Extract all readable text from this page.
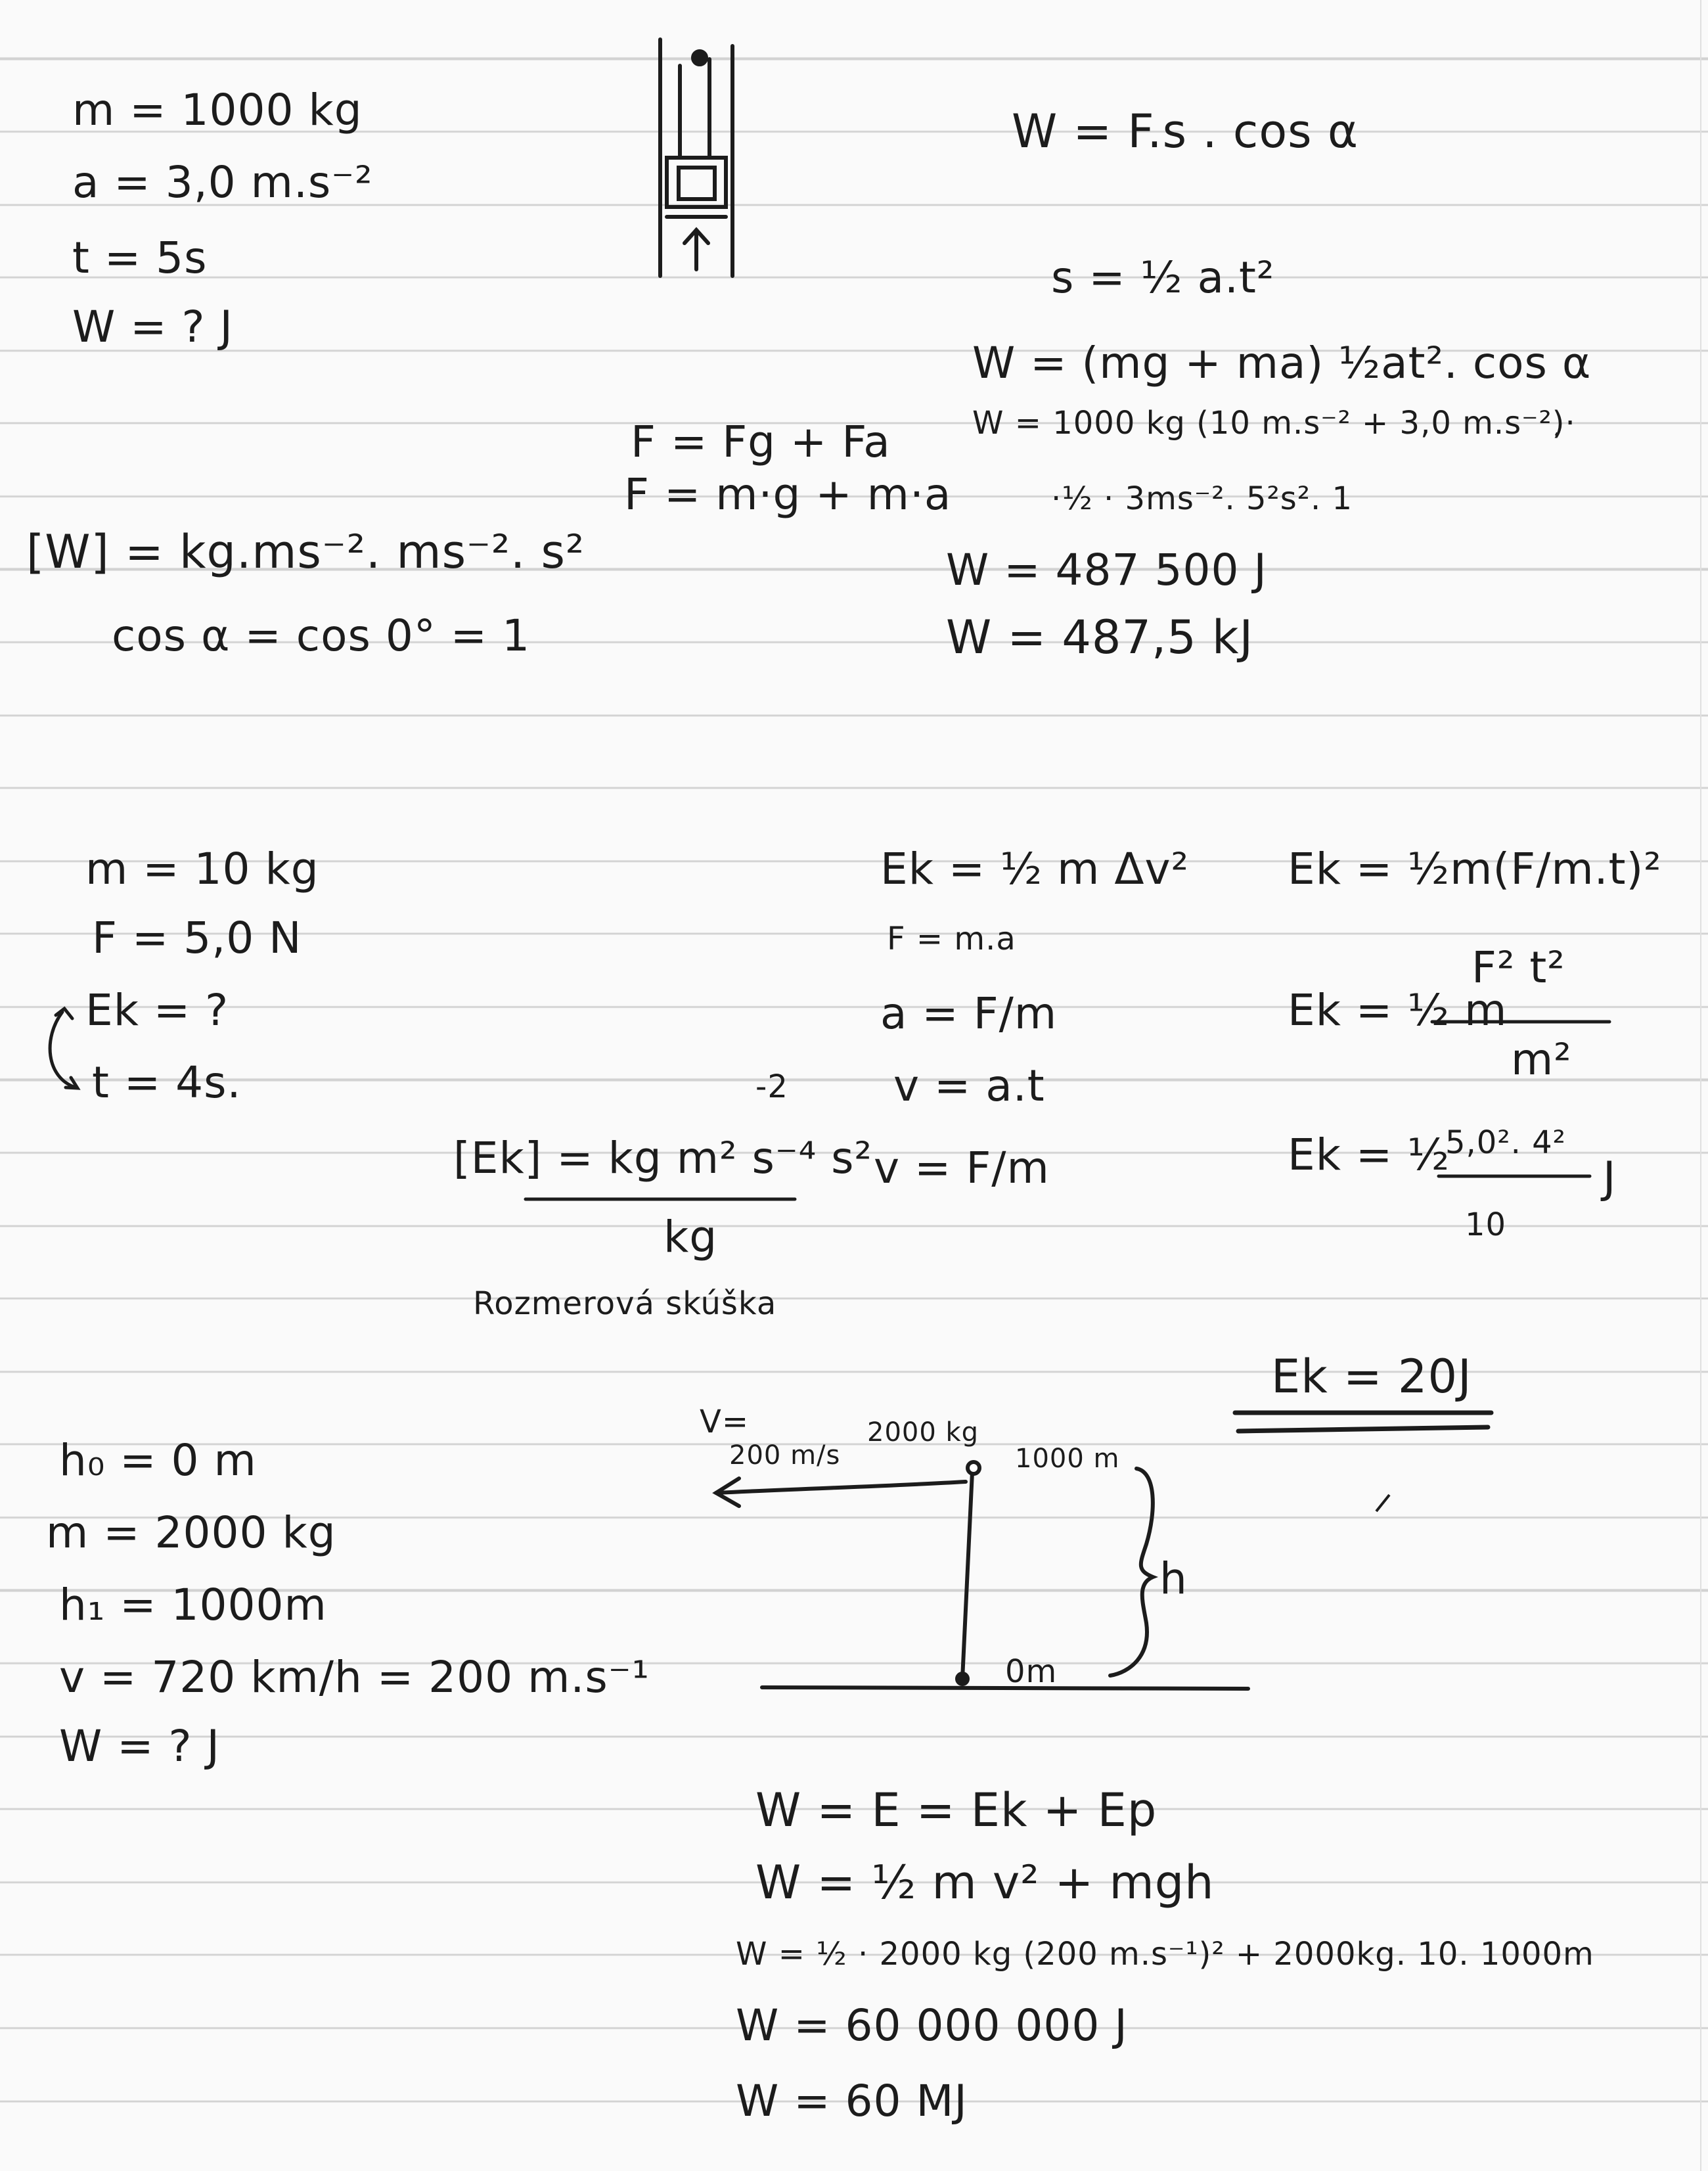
m = 1000 kg
a = 3,0 m.s⁻²
t = 5s
W = ? J
W = F.s . cos α
s = ½ a.t²
W = (mg + ma) ½at². cos α
W = 1000 kg (10 m.s⁻² + 3,0 m.s⁻²)·
·½ · 3ms⁻². 5²s². 1
W = 487 500 J
W = 487,5 kJ
F = Fg + Fa
F = m·g + m·a
[W] = kg.ms⁻². ms⁻². s²
cos α = cos 0° = 1
m = 10 kg
F = 5,0 N
Ek = ?
t = 4s.
Ek = ½ m Δv²
F = m.a
a = F/m
v = a.t
v = F/m
-2
[Ek] = kg m² s⁻⁴ s²
kg
Rozmerová skúška
Ek = ½m(F/m.t)²
Ek = ½ m
F² t²
m²
Ek = ½
5,0². 4²
10
J
Ek = 20J
h₀ = 0 m
m = 2000 kg
h₁ = 1000m
v = 720 km/h = 200 m.s⁻¹
W = ? J
V=
200 m/s
2000 kg
1000 m
h
0m
W = E = Ek + Ep
W = ½ m v² + mgh
W = ½ · 2000 kg (200 m.s⁻¹)² + 2000kg. 10. 1000m
W = 60 000 000 J
W = 60 MJ
